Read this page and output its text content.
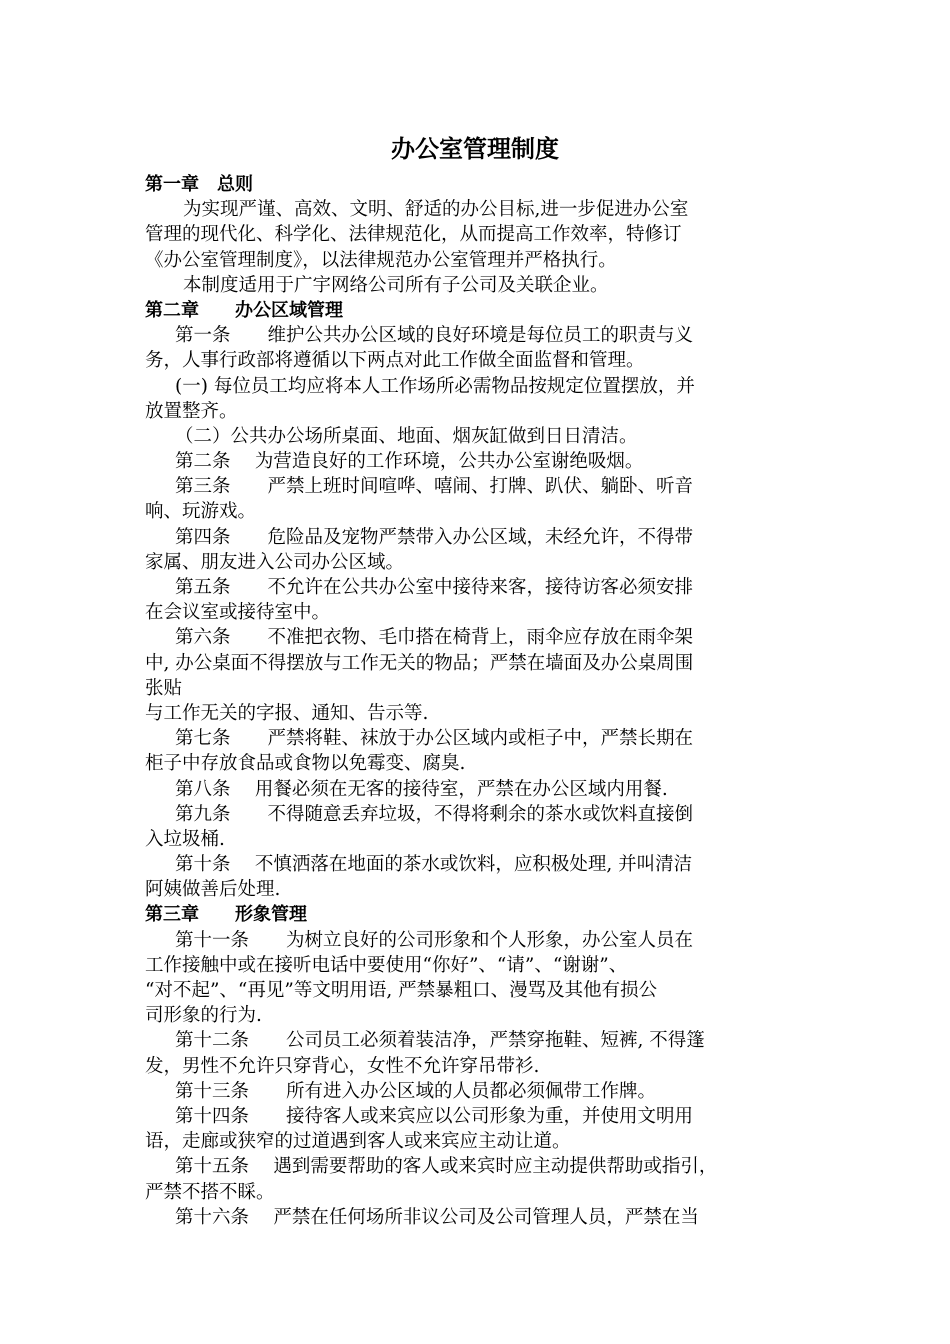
办公室管理制度
第一章　总则
为实现严谨、高效、文明、舒适的办公目标,进一步促进办公室
管理的现代化、科学化、法律规范化，从而提高工作效率，特修订
《办公室管理制度》，以法律规范办公室管理并严格执行。
本制度适用于广宇网络公司所有子公司及关联企业。
第二章　　办公区域管理
第一条　　维护公共办公区域的良好环境是每位员工的职责与义
务，人事行政部将遵循以下两点对此工作做全面监督和管理。
(一) 每位员工均应将本人工作场所必需物品按规定位置摆放，并
放置整齐。
（二）公共办公场所桌面、地面、烟灰缸做到日日清洁。
第二条　 为营造良好的工作环境，公共办公室谢绝吸烟。
第三条　　严禁上班时间喧哗、嘻闹、打牌、趴伏、躺卧、听音
响、玩游戏。
第四条　　危险品及宠物严禁带入办公区域，未经允许，不得带
家属、朋友进入公司办公区域。
第五条　　不允许在公共办公室中接待来客，接待访客必须安排
在会议室或接待室中。
第六条　　不准把衣物、毛巾搭在椅背上，雨伞应存放在雨伞架
中, 办公桌面不得摆放与工作无关的物品；严禁在墙面及办公桌周围
张贴
与工作无关的字报、通知、告示等.
第七条　　严禁将鞋、袜放于办公区域内或柜子中，严禁长期在
柜子中存放食品或食物以免霉变、腐臭.
第八条　 用餐必须在无客的接待室，严禁在办公区域内用餐.
第九条　　不得随意丢弃垃圾，不得将剩余的茶水或饮料直接倒
入垃圾桶.
第十条　 不慎洒落在地面的茶水或饮料，应积极处理, 并叫清洁
阿姨做善后处理.
第三章　　形象管理
第十一条　　为树立良好的公司形象和个人形象，办公室人员在
工作接触中或在接听电话中要使用“你好”、“请”、“谢谢”、
“对不起”、“再见”等文明用语, 严禁暴粗口、漫骂及其他有损公
司形象的行为.
第十二条　　公司员工必须着装洁净，严禁穿拖鞋、短裤, 不得篷
发，男性不允许只穿背心，女性不允许穿吊带衫.
第十三条　　所有进入办公区域的人员都必须佩带工作牌。
第十四条　　接待客人或来宾应以公司形象为重，并使用文明用
语，走廊或狭窄的过道遇到客人或来宾应主动让道。
第十五条　 遇到需要帮助的客人或来宾时应主动提供帮助或指引，
严禁不搭不睬。
第十六条　 严禁在任何场所非议公司及公司管理人员，严禁在当
